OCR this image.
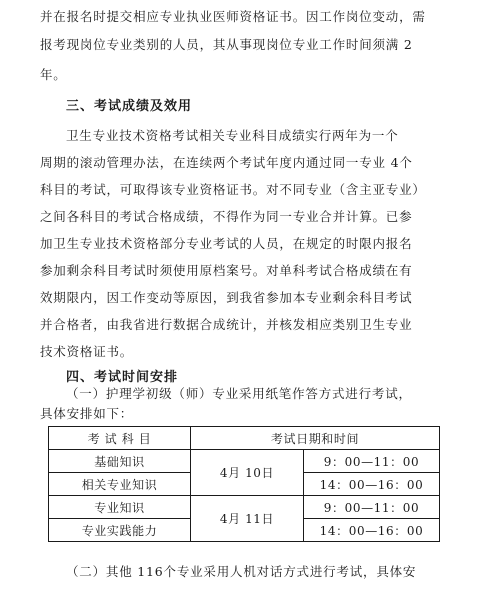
并在报名时提交相应专业执业医师资格证书。因工作岗位变动，需
报考现岗位专业类别的人员，其从事现岗位专业工作时间须满 2
年。
三、考试成绩及效用
卫生专业技术资格考试相关专业科目成绩实行两年为一个
周期的滚动管理办法，在连续两个考试年度内通过同一专业 4个
科目的考试，可取得该专业资格证书。对不同专业（含主亚专业）
之间各科目的考试合格成绩，不得作为同一专业合并计算。已参
加卫生专业技术资格部分专业考试的人员，在规定的时限内报名
参加剩余科目考试时须使用原档案号。对单科考试合格成绩在有
效期限内，因工作变动等原因，到我省参加本专业剩余科目考试
并合格者，由我省进行数据合成统计，并核发相应类别卫生专业
技术资格证书。
四、考试时间安排
（一）护理学初级（师）专业采用纸笔作答方式进行考试，
具体安排如下：
考 试 科 目	考试日期和时间	
基础知识	4月 10日	9：00—11：00
相关专业知识		14：00—16：00
专业知识	4月 11日	9：00—11：00
专业实践能力		14：00—16：00
（二）其他 116个专业采用人机对话方式进行考试，具体安
